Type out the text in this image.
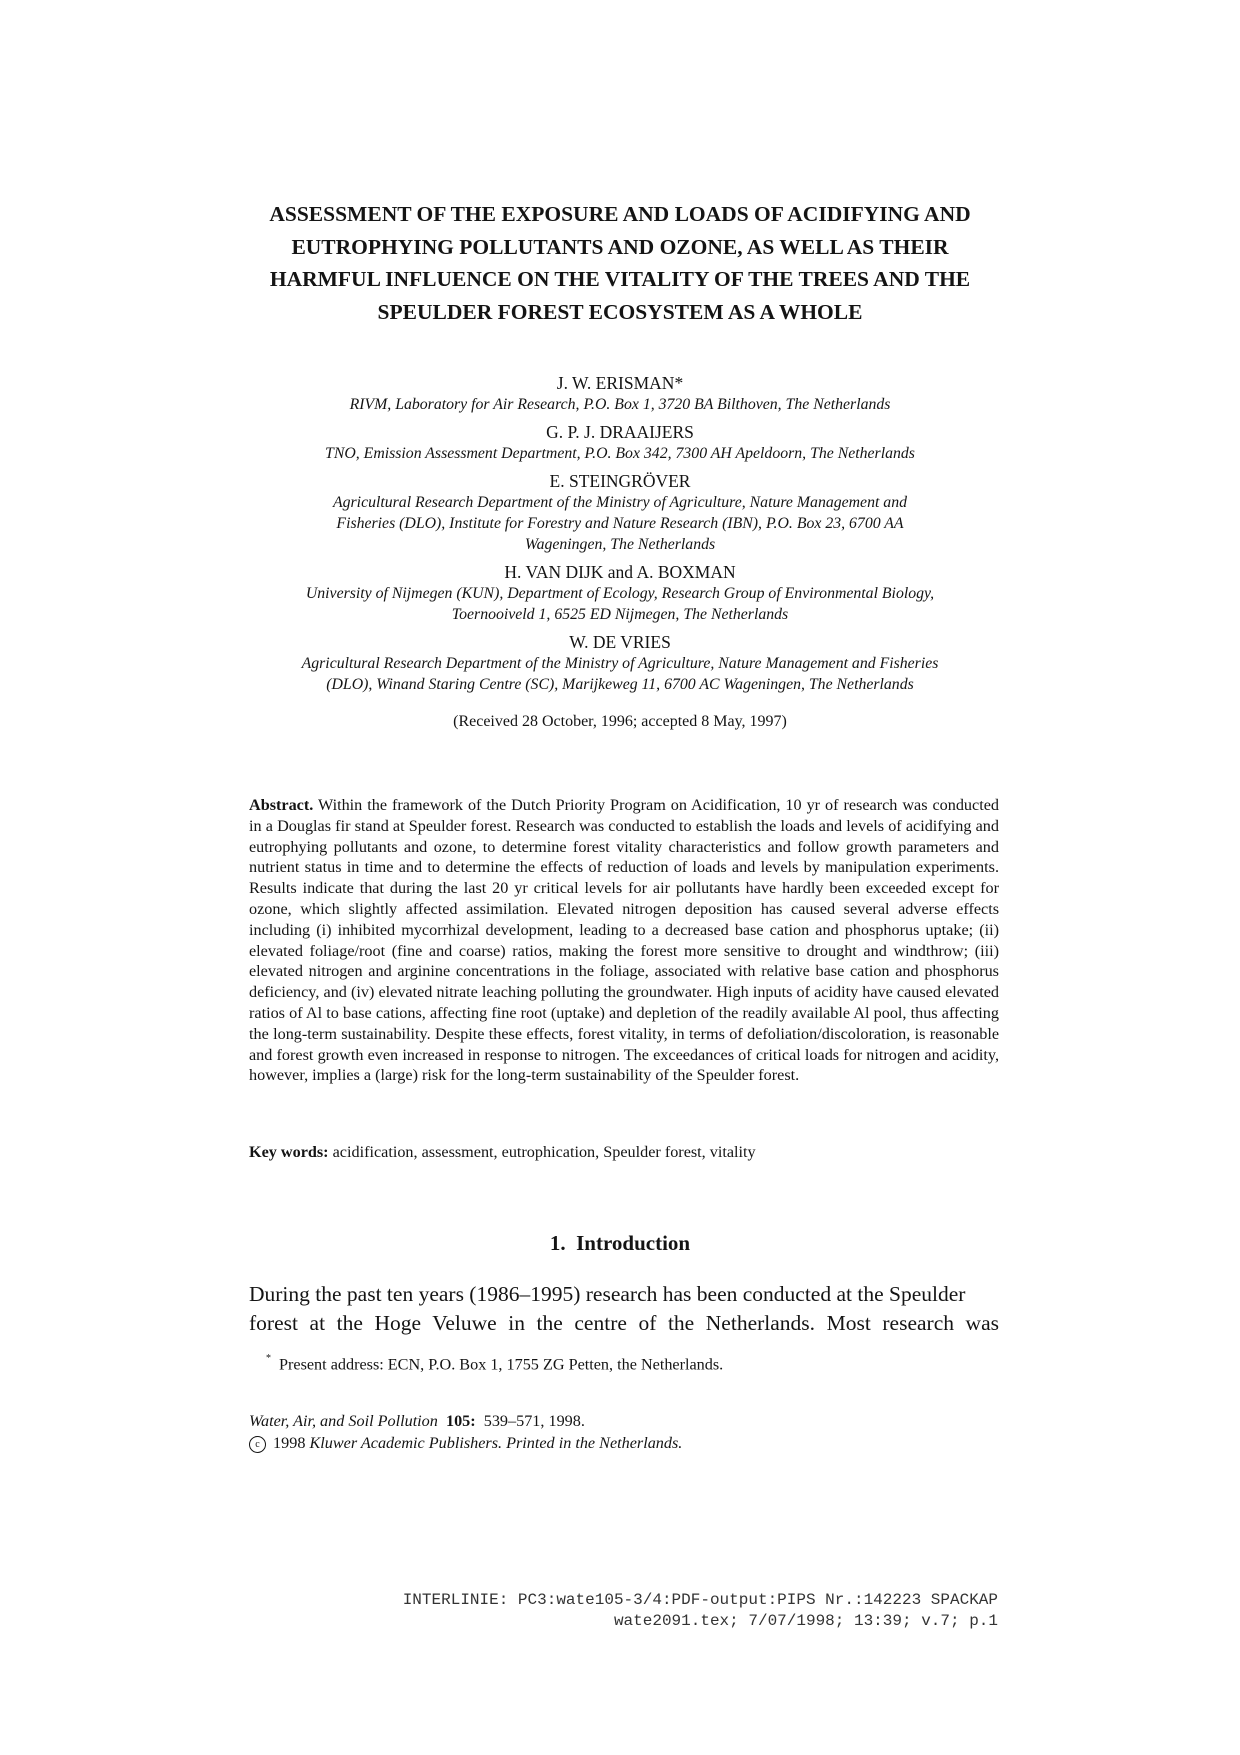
ASSESSMENT OF THE EXPOSURE AND LOADS OF ACIDIFYING AND
EUTROPHYING POLLUTANTS AND OZONE, AS WELL AS THEIR
HARMFUL INFLUENCE ON THE VITALITY OF THE TREES AND THE
SPEULDER FOREST ECOSYSTEM AS A WHOLE
J. W. ERISMAN*
RIVM, Laboratory for Air Research, P.O. Box 1, 3720 BA Bilthoven, The Netherlands
G. P. J. DRAAIJERS
TNO, Emission Assessment Department, P.O. Box 342, 7300 AH Apeldoorn, The Netherlands
E. STEINGRÖVER
Agricultural Research Department of the Ministry of Agriculture, Nature Management and
Fisheries (DLO), Institute for Forestry and Nature Research (IBN), P.O. Box 23, 6700 AA
Wageningen, The Netherlands
H. VAN DIJK and A. BOXMAN
University of Nijmegen (KUN), Department of Ecology, Research Group of Environmental Biology,
Toernooiveld 1, 6525 ED Nijmegen, The Netherlands
W. DE VRIES
Agricultural Research Department of the Ministry of Agriculture, Nature Management and Fisheries
(DLO), Winand Staring Centre (SC), Marijkeweg 11, 6700 AC Wageningen, The Netherlands
(Received 28 October, 1996; accepted 8 May, 1997)
Abstract. Within the framework of the Dutch Priority Program on Acidification, 10 yr of research was conducted in a Douglas fir stand at Speulder forest. Research was conducted to establish the loads and levels of acidifying and eutrophying pollutants and ozone, to determine forest vitality characteristics and follow growth parameters and nutrient status in time and to determine the effects of reduction of loads and levels by manipulation experiments. Results indicate that during the last 20 yr critical levels for air pollutants have hardly been exceeded except for ozone, which slightly affected assimilation. Elevated nitrogen deposition has caused several adverse effects including (i) inhibited mycorrhizal development, leading to a decreased base cation and phosphorus uptake; (ii) elevated foliage/root (fine and coarse) ratios, making the forest more sensitive to drought and windthrow; (iii) elevated nitrogen and arginine concentrations in the foliage, associated with relative base cation and phosphorus deficiency, and (iv) elevated nitrate leaching polluting the groundwater. High inputs of acidity have caused elevated ratios of Al to base cations, affecting fine root (uptake) and depletion of the readily available Al pool, thus affecting the long-term sustainability. Despite these effects, forest vitality, in terms of defoliation/discoloration, is reasonable and forest growth even increased in response to nitrogen. The exceedances of critical loads for nitrogen and acidity, however, implies a (large) risk for the long-term sustainability of the Speulder forest.
Key words: acidification, assessment, eutrophication, Speulder forest, vitality
1. Introduction
During the past ten years (1986–1995) research has been conducted at the Speulder
forest at the Hoge Veluwe in the centre of the Netherlands. Most research was
* Present address: ECN, P.O. Box 1, 1755 ZG Petten, the Netherlands.
Water, Air, and Soil Pollution 105: 539–571, 1998.
c 1998 Kluwer Academic Publishers. Printed in the Netherlands.
INTERLINIE: PC3:wate105-3/4:PDF-output:PIPS Nr.:142223 SPACKAP
wate2091.tex; 7/07/1998; 13:39; v.7; p.1
